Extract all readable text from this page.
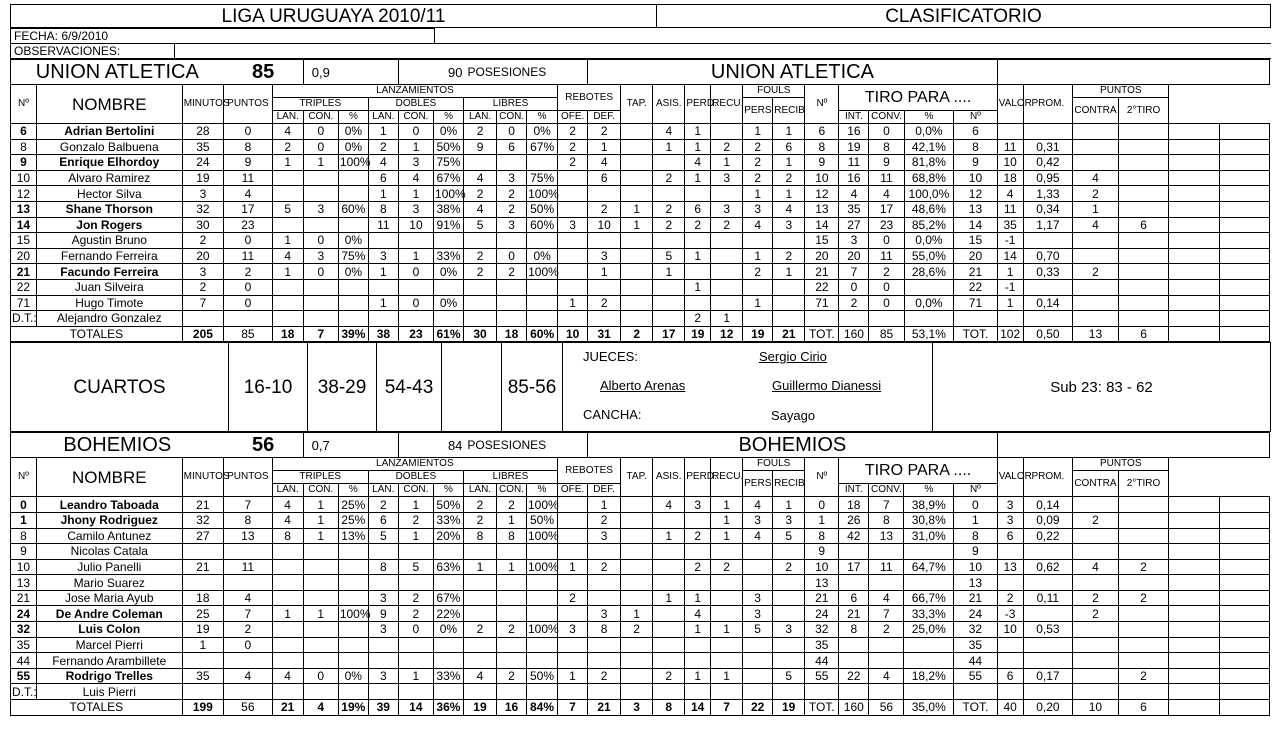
LIGA URUGUAYA 2010/11	CLASIFICATORIO
FECHA: 6/9/2010		
OBSERVACIONES:		
UNION ATLETICA			85		0,9			90		POSESIONES				UNION ATLETICA																	
Nº	NOMBRE	MINUTOS	PUNTOS	LANZAMIENTOS									REBOTES		TAP.	ASIS.	PERD.	RECU.	FOULS		Nº	TIRO PARA ....				VALOR	PROM.	PUNTOS			
				TRIPLES			DOBLES			LIBRES									PERS	RECIB								CONTRA	2°TIRO		
				LAN.	CON.	%	LAN.	CON.	%	LAN.	CON.	%	OFE.	DEF.								INT.	CONV.	%	Nº						
6	Adrian Bertolini	28	0	4	0	0%	1	0	0%	2	0	0%	2	2		4	1		1	1	6	16	0	0,0%	6						
8	Gonzalo Balbuena	35	8	2	0	0%	2	1	50%	9	6	67%	2	1		1	1	2	2	6	8	19	8	42,1%	8	11	0,31				
9	Enrique Elhordoy	24	9	1	1	100%	4	3	75%				2	4			4	1	2	1	9	11	9	81,8%	9	10	0,42				
10	Alvaro Ramirez	19	11				6	4	67%	4	3	75%		6		2	1	3	2	2	10	16	11	68,8%	10	18	0,95	4			
12	Hector Silva	3	4				1	1	100%	2	2	100%							1	1	12	4	4	100,0%	12	4	1,33	2			
13	Shane Thorson	32	17	5	3	60%	8	3	38%	4	2	50%		2	1	2	6	3	3	4	13	35	17	48,6%	13	11	0,34	1			
14	Jon Rogers	30	23				11	10	91%	5	3	60%	3	10	1	2	2	2	4	3	14	27	23	85,2%	14	35	1,17	4	6		
15	Agustin Bruno	2	0	1	0	0%															15	3	0	0,0%	15	-1					
20	Fernando Ferreira	20	11	4	3	75%	3	1	33%	2	0	0%		3		5	1		1	2	20	20	11	55,0%	20	14	0,70				
21	Facundo Ferreira	3	2	1	0	0%	1	0	0%	2	2	100%		1		1			2	1	21	7	2	28,6%	21	1	0,33	2			
22	Juan Silveira	2	0														1				22	0	0		22	-1					
71	Hugo Timote	7	0				1	0	0%				1	2					1		71	2	0	0,0%	71	1	0,14				
D.T.:	Alejandro Gonzalez																2	1													
TOTALES		205	85	18	7	39%	38	23	61%	30	18	60%	10	31	2	17	19	12	19	21	TOT.	160	85	53,1%	TOT.	102	0,50	13	6		
CUARTOS	16-10	38-29	54-43		85-56	
JUECES:	Sergio Cirio
Alberto Arenas	Guillermo Dianessi
CANCHA:	Sayago
	Sub 23: 83 - 62
BOHEMIOS			56		0,7			84		POSESIONES				BOHEMIOS																	
Nº	NOMBRE	MINUTOS	PUNTOS	LANZAMIENTOS									REBOTES		TAP.	ASIS.	PERD.	RECU.	FOULS		Nº	TIRO PARA ....				VALOR	PROM.	PUNTOS			
				TRIPLES			DOBLES			LIBRES									PERS	RECIB								CONTRA	2°TIRO		
				LAN.	CON.	%	LAN.	CON.	%	LAN.	CON.	%	OFE.	DEF.								INT.	CONV.	%	Nº						
0	Leandro Taboada	21	7	4	1	25%	2	1	50%	2	2	100%		1		4	3	1	4	1	0	18	7	38,9%	0	3	0,14				
1	Jhony Rodriguez	32	8	4	1	25%	6	2	33%	2	1	50%		2				1	3	3	1	26	8	30,8%	1	3	0,09	2			
8	Camilo Antunez	27	13	8	1	13%	5	1	20%	8	8	100%		3		1	2	1	4	5	8	42	13	31,0%	8	6	0,22				
9	Nicolas Catala																				9				9						
10	Julio Panelli	21	11				8	5	63%	1	1	100%	1	2			2	2		2	10	17	11	64,7%	10	13	0,62	4	2		
13	Mario Suarez																				13				13						
21	Jose Maria Ayub	18	4				3	2	67%				2			1	1		3		21	6	4	66,7%	21	2	0,11	2	2		
24	De Andre Coleman	25	7	1	1	100%	9	2	22%					3	1		4		3		24	21	7	33,3%	24	-3		2			
32	Luis Colon	19	2				3	0	0%	2	2	100%	3	8	2		1	1	5	3	32	8	2	25,0%	32	10	0,53				
35	Marcel Pierri	1	0																		35				35						
44	Fernando Arambillete																				44				44						
55	Rodrigo Trelles	35	4	4	0	0%	3	1	33%	4	2	50%	1	2		2	1	1		5	55	22	4	18,2%	55	6	0,17		2		
D.T.:	Luis Pierri																														
TOTALES		199	56	21	4	19%	39	14	36%	19	16	84%	7	21	3	8	14	7	22	19	TOT.	160	56	35,0%	TOT.	40	0,20	10	6		
